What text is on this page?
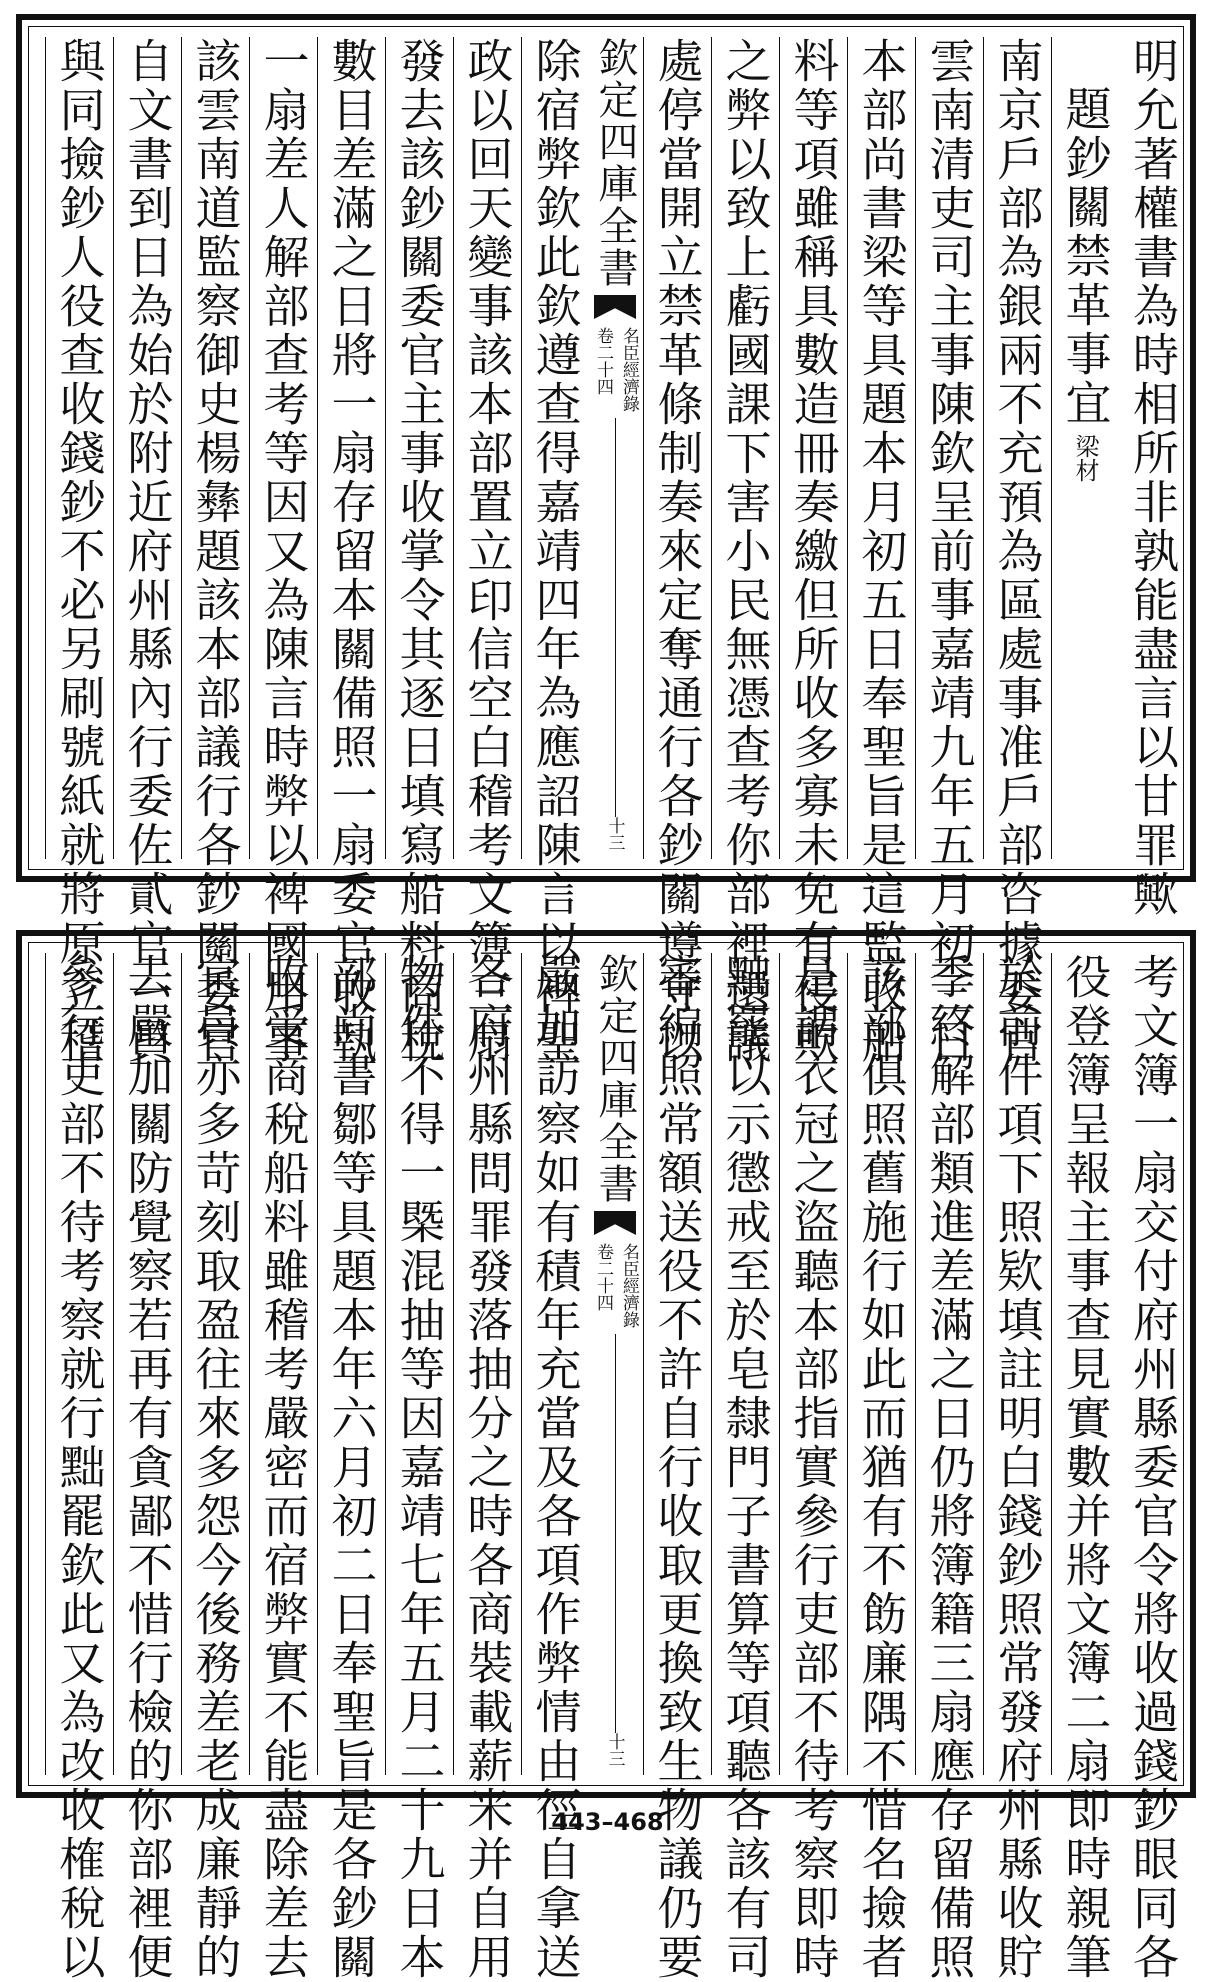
明允著權書為時相所非孰能盡言以甘罪歟
題鈔關禁革事宜
梁材
南京戶部為銀兩不充預為區處事准戶部咨據委官
雲南清吏司主事陳欽呈前事嘉靖九年五月初三日
本部尚書梁等具題本月初五日奉聖旨是這監收船
料等項雖稱具數造冊奏繳但所收多寡未免有侵欺
之弊以致上虧國課下害小民無憑查考你部裡還議
處停當開立禁革條制奏來定奪通行各鈔關遵守以
欽定四庫全書
名臣經濟錄
卷二十四
十三
除宿弊欽此欽遵查得嘉靖四年為應詔陳言以裨聖
政以回天變事該本部置立印信空白稽考文簿三扇
發去該鈔關委官主事收掌令其逐日填寫船料商稅
數目差滿之日將一扇存留本關備照一扇委官收執
一扇差人解部查考等因又為陳言時弊以裨國用事
該雲南道監察御史楊彝題該本部議行各鈔關委官
自文書到日為始於附近府州縣內行委佐貳官一員
與同撿鈔人役查收錢鈔不必另刷號紙就將原立稽
考文簿一扇交付府州縣委官令將收過錢鈔眼同各
役登簿呈報主事查見實數并將文簿二扇即時親筆
於前件項下照欵填註明白錢鈔照常發府州縣收貯
季終解部類進差滿之日仍將簿籍三扇應存留備照
該部俱照舊施行如此而猶有不飭廉隅不惜名撿者
是謂衣冠之盜聽本部指實參行吏部不待考察即時
黜罷以示懲戒至於皂隸門子書算等項聽各該有司
審編照常額送役不許自行收取更換致生物議仍要
欽定四庫全書
名臣經濟錄
卷二十四
十三
嚴加訪察如有積年充當及各項作弊情由徑自拿送
各府州縣問罪發落抽分之時各商裝載薪米并自用
物件不得一槩混抽等因嘉靖七年五月二十九日本
部尚書鄒等具題本年六月初二日奉聖旨是各鈔關
收受商稅船料雖稽考嚴密而宿弊實不能盡除差去
官員亦多苛刻取盈往來多怨今後務差老成廉靜的
去嚴加關防覺察若再有貪鄙不惜行檢的你部裡便
參行吏部不待考察就行黜罷欽此又為改收榷稅以	443–468
